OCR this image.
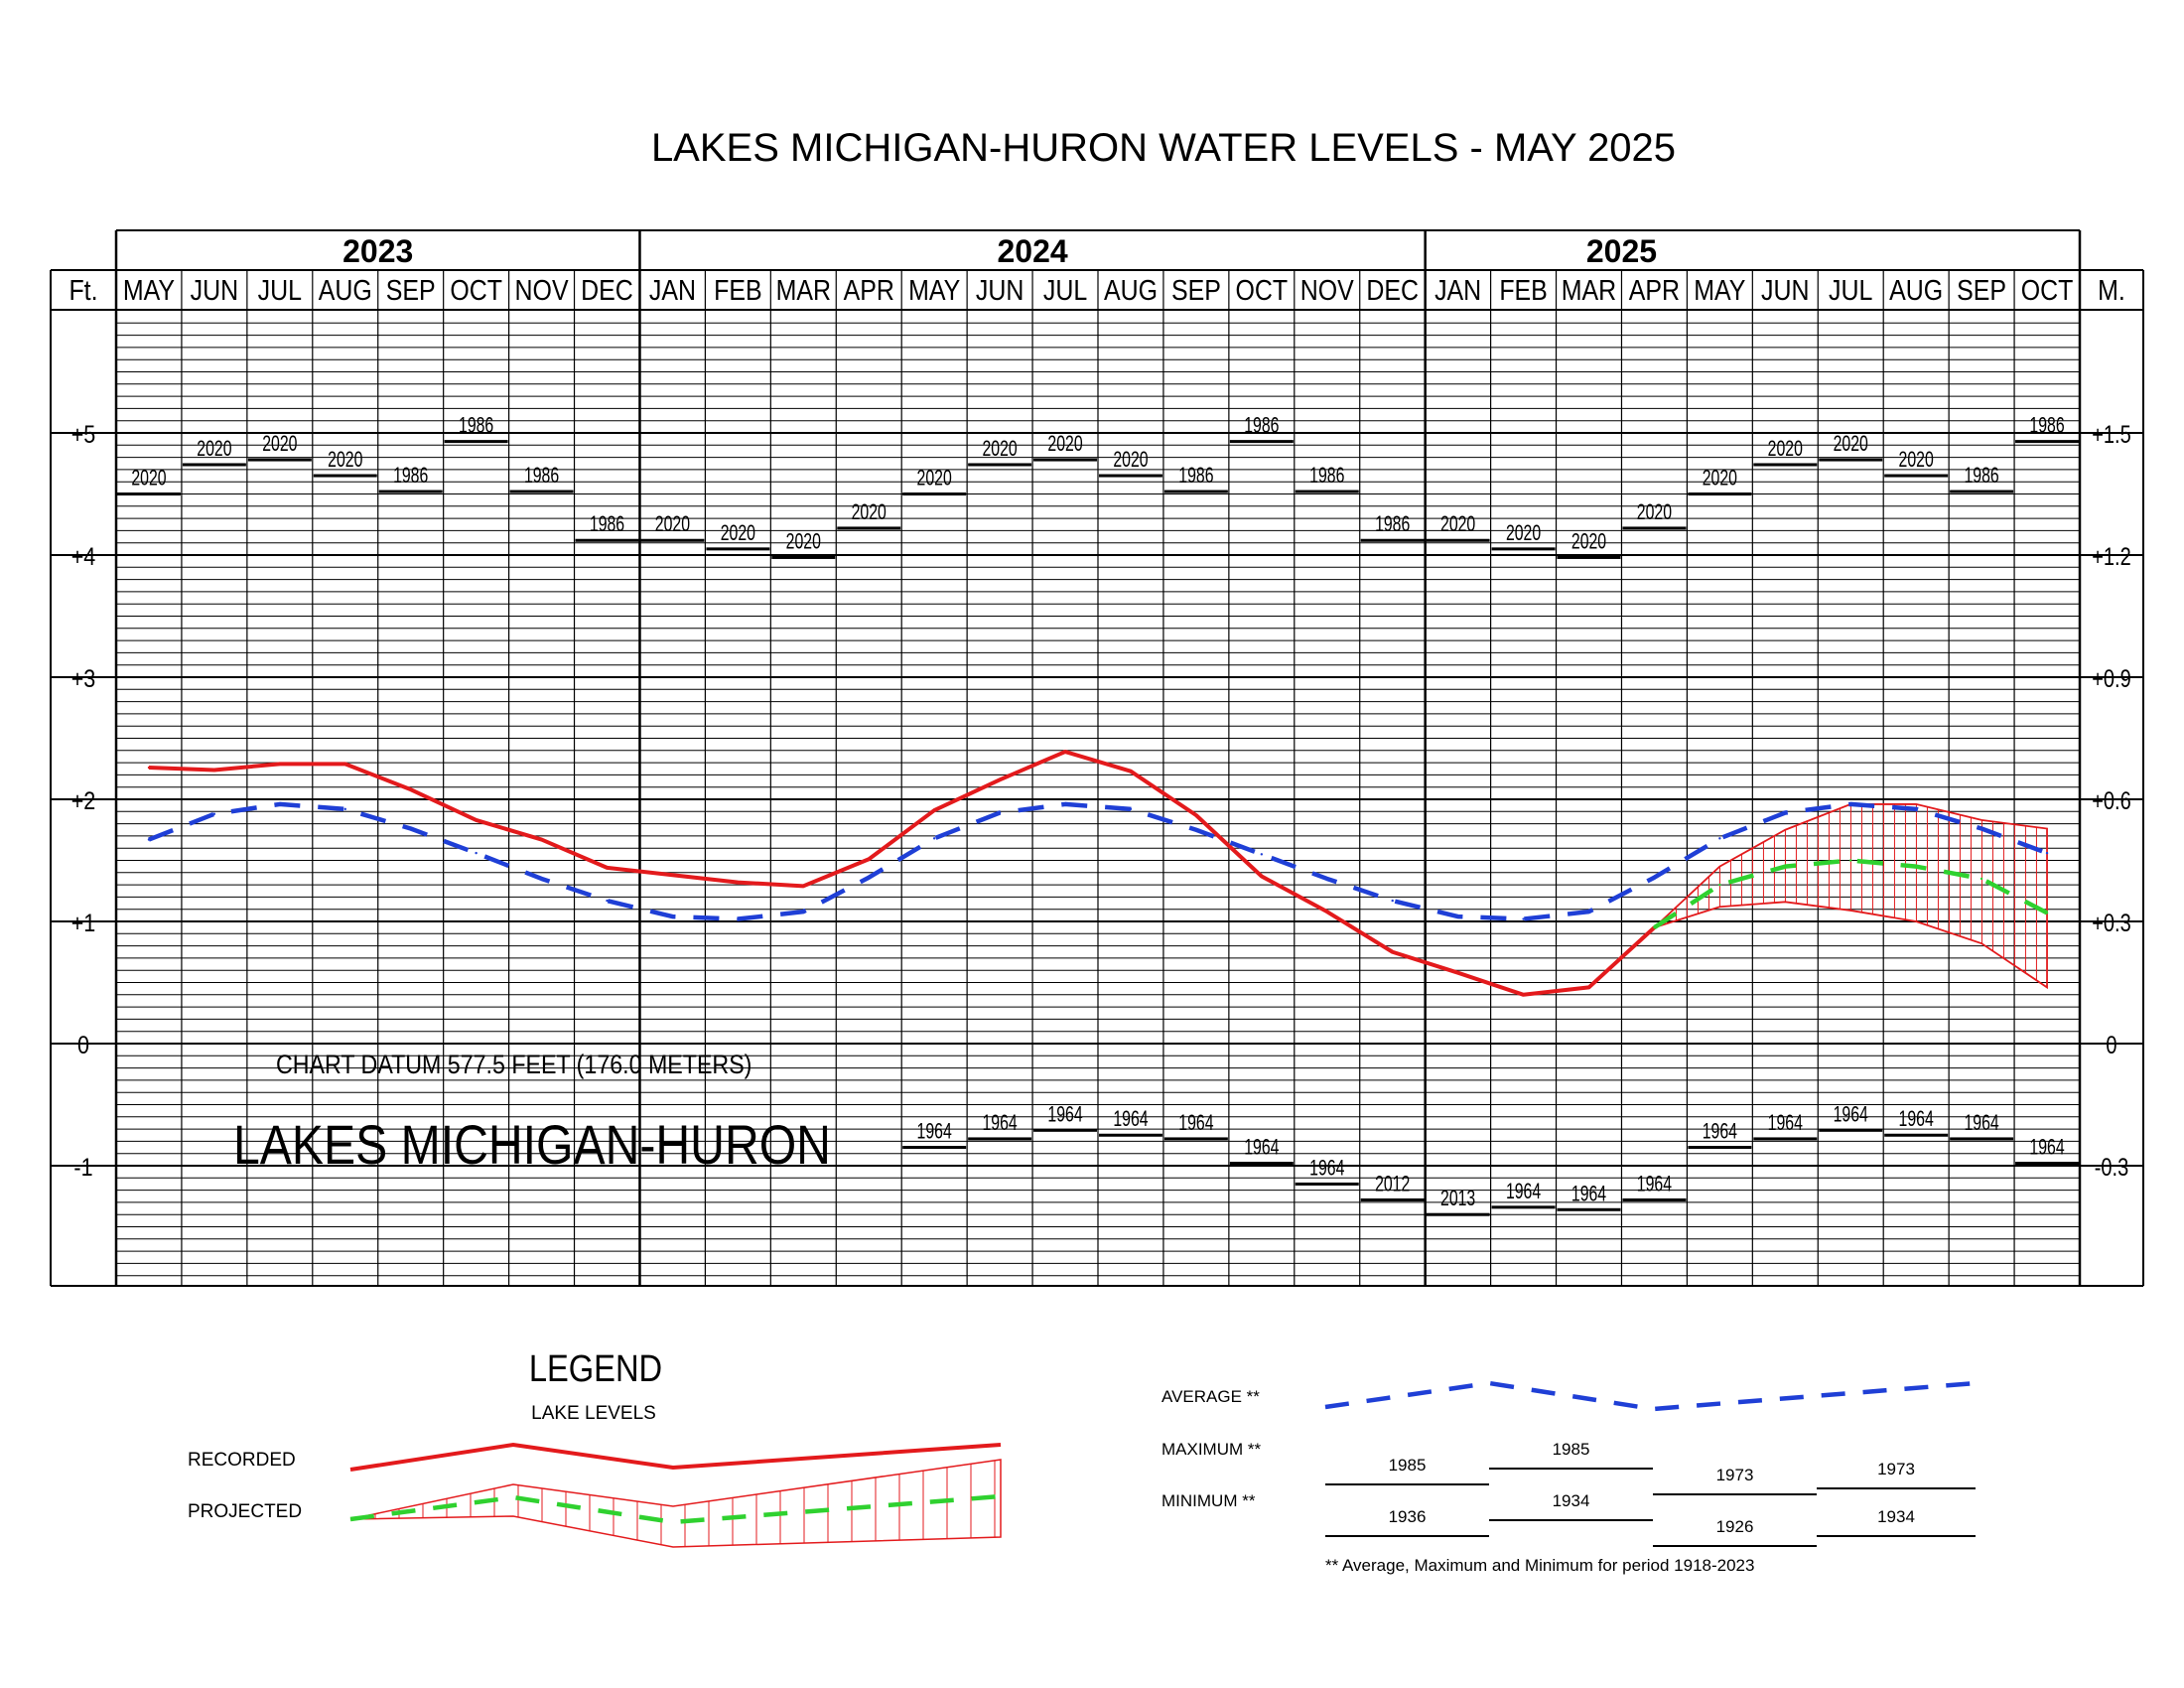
LAKES MICHIGAN-HURON WATER LEVELS - MAY 2025
2023	2024	2025
MAY JUN JUL AUG SEP OCT NOV DEC JAN FEB MAR APR MAY JUN JUL AUG SEP OCT NOV DEC JAN FEB MAR APR MAY JUN JUL AUG SEP OCT
Ft.	M.
+5
+4
+3
+2
+1
0
-1
+1.5
+1.2
+0.9
+0.6
+0.3
0
-0.3
2020
2020 2020
2020
1986
1986
1986
1986 2020 2020 2020
2020
2020
2020 2020
2020
1986
1986
1986
1986 2020 2020 2020
2020
2020
2020 2020
2020
1986
1986
1964 1964 1964 1964 1964
1964
1964
2012
2013 1964 1964 1964
1964 1964 1964 1964 1964
1964
CHART DATUM 577.5 FEET (176.0 METERS)
LAKES MICHIGAN-HURON
LEGEND
LAKE LEVELS
RECORDED
PROJECTED
AVERAGE **
MAXIMUM **
MINIMUM **
** Average, Maximum and Minimum for period 1918-2023
1985
1985
1973	1973
1936
1934
1926
1934
